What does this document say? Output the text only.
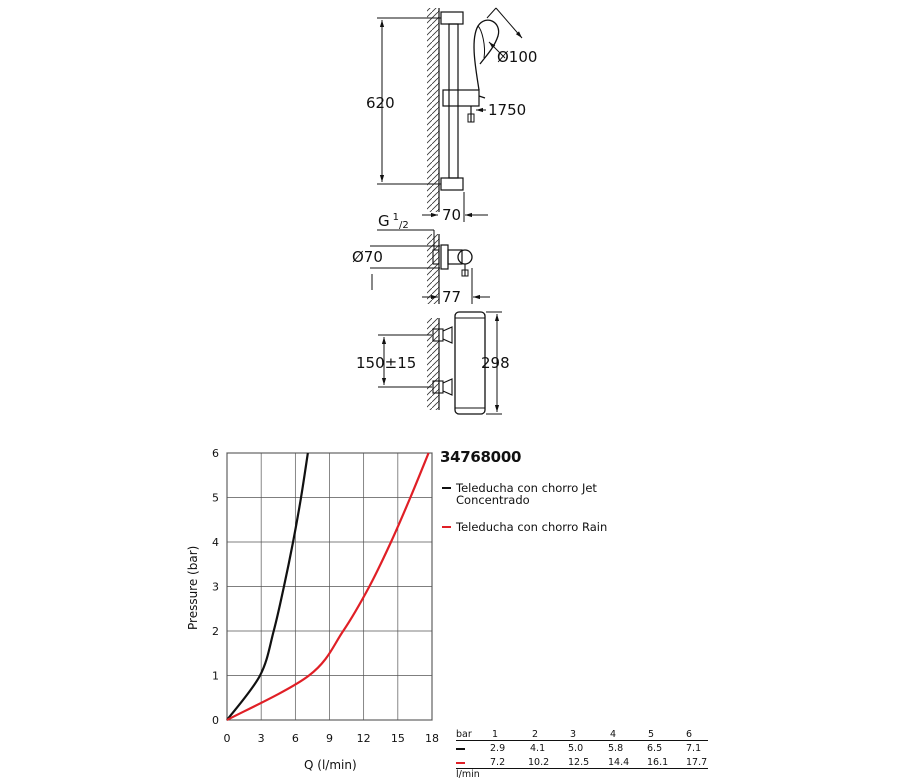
620
Ø100
1750
70
G $^1_{/2}$
Ø70
77
150±15	298
0 3 6 9 12 15 18
0
1
2
3
4
5
6
Q (l/min)
Pressure (bar)
34768000
Teleducha con chorro Jet Concentrado
Teleducha con chorro Rain
bar	1	2	3	4	5	6
2.9	4.1	5.0	5.8	6.5	7.1
7.2	10.2	12.5	14.4	16.1	17.7
l/min
